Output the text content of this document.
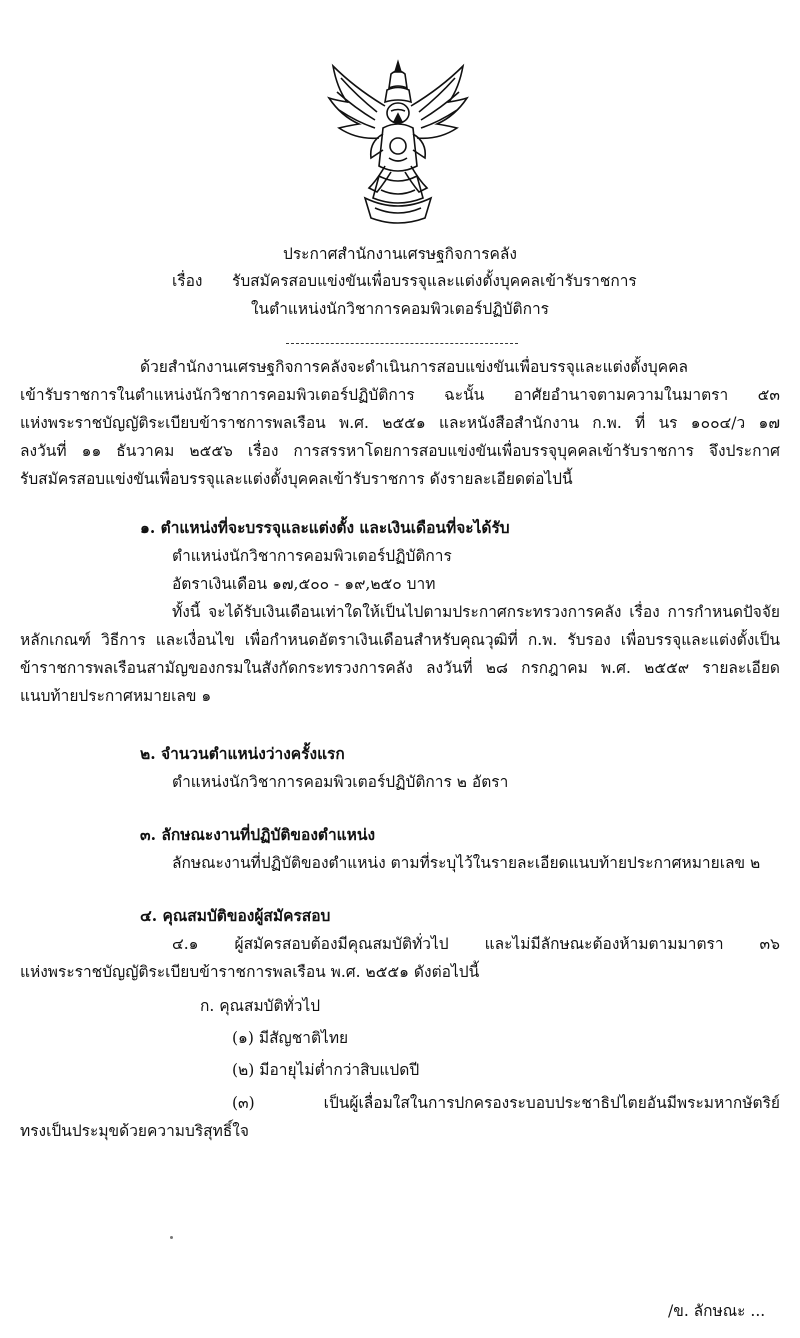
ประกาศสำนักงานเศรษฐกิจการคลัง
เรื่อง รับสมัครสอบแข่งขันเพื่อบรรจุและแต่งตั้งบุคคลเข้ารับราชการ
ในตำแหน่งนักวิชาการคอมพิวเตอร์ปฏิบัติการ
ด้วยสำนักงานเศรษฐกิจการคลังจะดำเนินการสอบแข่งขันเพื่อบรรจุและแต่งตั้งบุคคล
เข้ารับราชการในตำแหน่งนักวิชาการคอมพิวเตอร์ปฏิบัติการ ฉะนั้น อาศัยอำนาจตามความในมาตรา ๕๓
แห่งพระราชบัญญัติระเบียบข้าราชการพลเรือน พ.ศ. ๒๕๕๑ และหนังสือสำนักงาน ก.พ. ที่ นร ๑๐๐๔/ว ๑๗
ลงวันที่ ๑๑ ธันวาคม ๒๕๕๖ เรื่อง การสรรหาโดยการสอบแข่งขันเพื่อบรรจุบุคคลเข้ารับราชการ จึงประกาศ
รับสมัครสอบแข่งขันเพื่อบรรจุและแต่งตั้งบุคคลเข้ารับราชการ ดังรายละเอียดต่อไปนี้
๑. ตำแหน่งที่จะบรรจุและแต่งตั้ง และเงินเดือนที่จะได้รับ
ตำแหน่งนักวิชาการคอมพิวเตอร์ปฏิบัติการ
อัตราเงินเดือน ๑๗,๕๐๐ - ๑๙,๒๕๐ บาท
ทั้งนี้ จะได้รับเงินเดือนเท่าใดให้เป็นไปตามประกาศกระทรวงการคลัง เรื่อง การกำหนดปัจจัย
หลักเกณฑ์ วิธีการ และเงื่อนไข เพื่อกำหนดอัตราเงินเดือนสำหรับคุณวุฒิที่ ก.พ. รับรอง เพื่อบรรจุและแต่งตั้งเป็น
ข้าราชการพลเรือนสามัญของกรมในสังกัดกระทรวงการคลัง ลงวันที่ ๒๘ กรกฎาคม พ.ศ. ๒๕๕๙ รายละเอียด
แนบท้ายประกาศหมายเลข ๑
๒. จำนวนตำแหน่งว่างครั้งแรก
ตำแหน่งนักวิชาการคอมพิวเตอร์ปฏิบัติการ ๒ อัตรา
๓. ลักษณะงานที่ปฏิบัติของตำแหน่ง
ลักษณะงานที่ปฏิบัติของตำแหน่ง ตามที่ระบุไว้ในรายละเอียดแนบท้ายประกาศหมายเลข ๒
๔. คุณสมบัติของผู้สมัครสอบ
๔.๑ ผู้สมัครสอบต้องมีคุณสมบัติทั่วไป และไม่มีลักษณะต้องห้ามตามมาตรา ๓๖
แห่งพระราชบัญญัติระเบียบข้าราชการพลเรือน พ.ศ. ๒๕๕๑ ดังต่อไปนี้
ก. คุณสมบัติทั่วไป
(๑) มีสัญชาติไทย
(๒) มีอายุไม่ต่ำกว่าสิบแปดปี
(๓) เป็นผู้เลื่อมใสในการปกครองระบอบประชาธิปไตยอันมีพระมหากษัตริย์
ทรงเป็นประมุขด้วยความบริสุทธิ์ใจ
/ข. ลักษณะ ...
